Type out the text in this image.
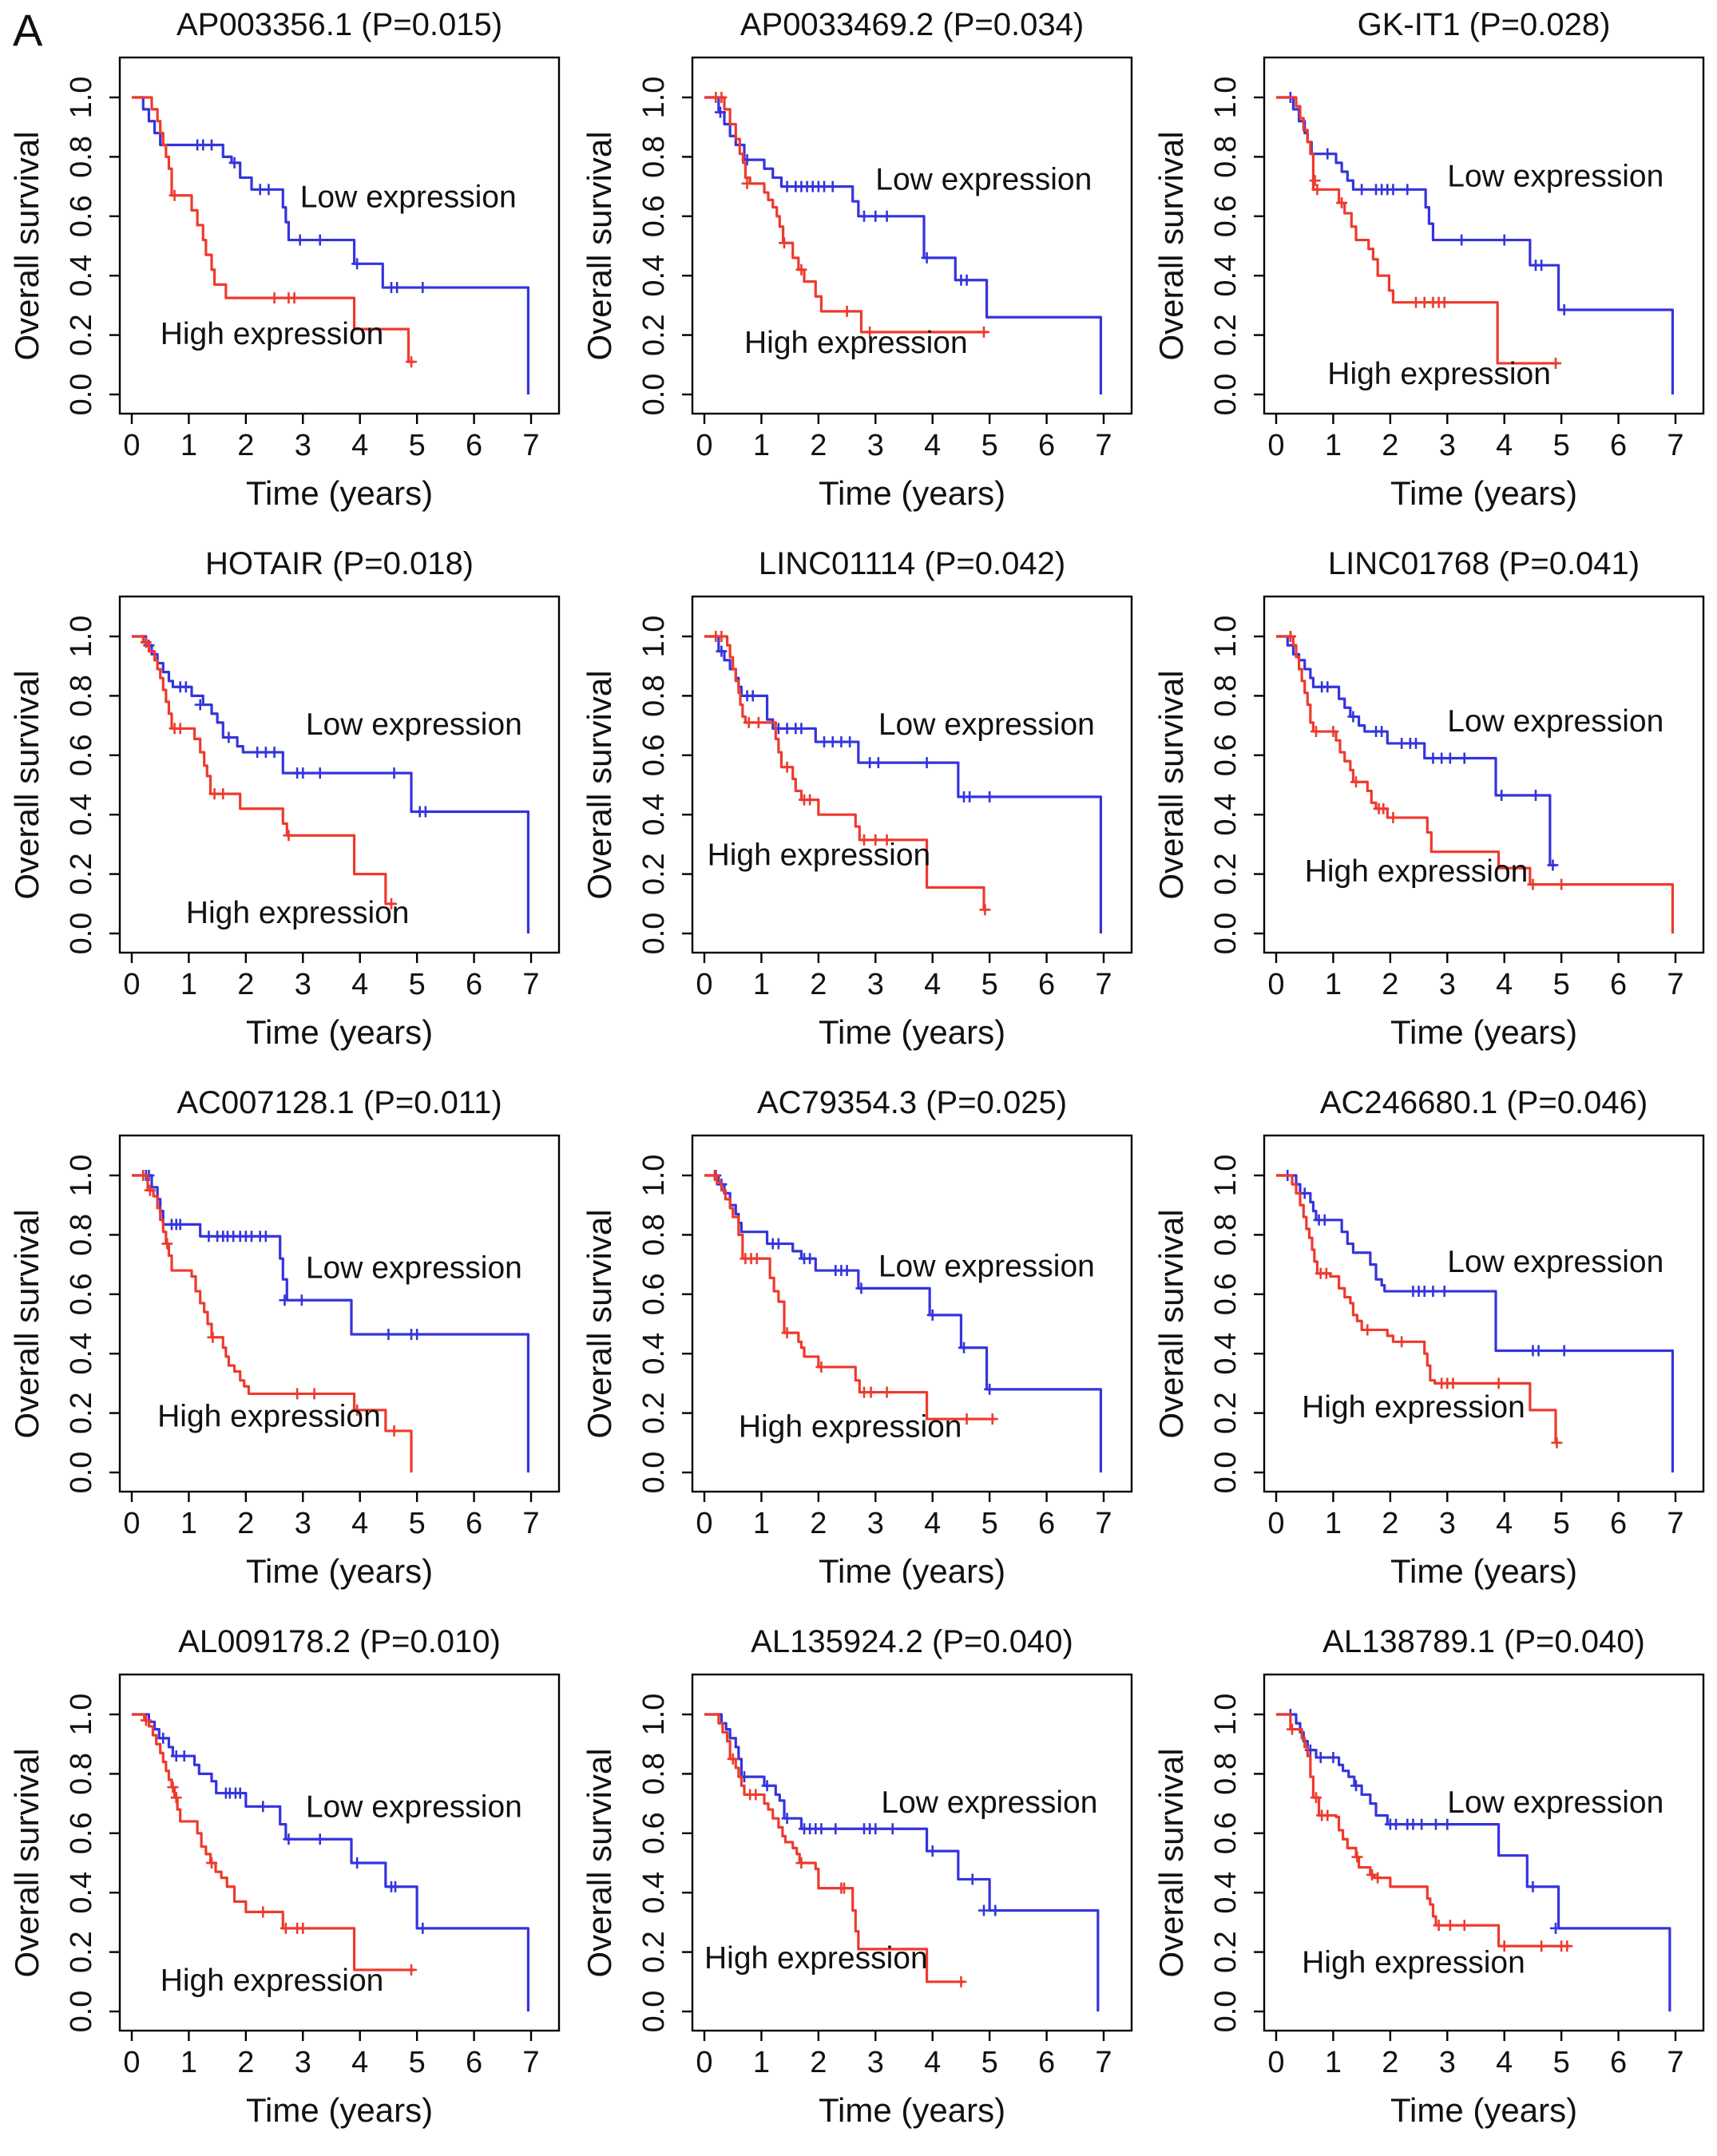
A	AP003356.1 (P=0.015)
0 1 2 3 4 5 6 7
0.0
0.2
0.4
0.6
0.8
1.0
Time (years)
Overall survival	Low expression
High expression
AP0033469.2 (P=0.034)
0 1 2 3 4 5 6 7
0.0
0.2
0.4
0.6
0.8
1.0
Time (years)
Overall survival	Low expression
High expression
GK-IT1 (P=0.028)
0 1 2 3 4 5 6 7
0.0
0.2
0.4
0.6
0.8
1.0
Time (years)
Overall survival	Low expression
High expression
HOTAIR (P=0.018)
0 1 2 3 4 5 6 7
0.0
0.2
0.4
0.6
0.8
1.0
Time (years)
Overall survival	Low expression
High expression
LINC01114 (P=0.042)
0 1 2 3 4 5 6 7
0.0
0.2
0.4
0.6
0.8
1.0
Time (years)
Overall survival	Low expression
High expression
LINC01768 (P=0.041)
0 1 2 3 4 5 6 7
0.0
0.2
0.4
0.6
0.8
1.0
Time (years)
Overall survival	Low expression
High expression
AC007128.1 (P=0.011)
0 1 2 3 4 5 6 7
0.0
0.2
0.4
0.6
0.8
1.0
Time (years)
Overall survival	Low expression
High expression
AC79354.3 (P=0.025)
0 1 2 3 4 5 6 7
0.0
0.2
0.4
0.6
0.8
1.0
Time (years)
Overall survival	Low expression
High expression
AC246680.1 (P=0.046)
0 1 2 3 4 5 6 7
0.0
0.2
0.4
0.6
0.8
1.0
Time (years)
Overall survival	Low expression
High expression
AL009178.2 (P=0.010)
0 1 2 3 4 5 6 7
0.0
0.2
0.4
0.6
0.8
1.0
Time (years)
Overall survival	Low expression
High expression
AL135924.2 (P=0.040)
0 1 2 3 4 5 6 7
0.0
0.2
0.4
0.6
0.8
1.0
Time (years)
Overall survival	Low expression
High expression
AL138789.1 (P=0.040)
0 1 2 3 4 5 6 7
0.0
0.2
0.4
0.6
0.8
1.0
Time (years)
Overall survival	Low expression
High expression
